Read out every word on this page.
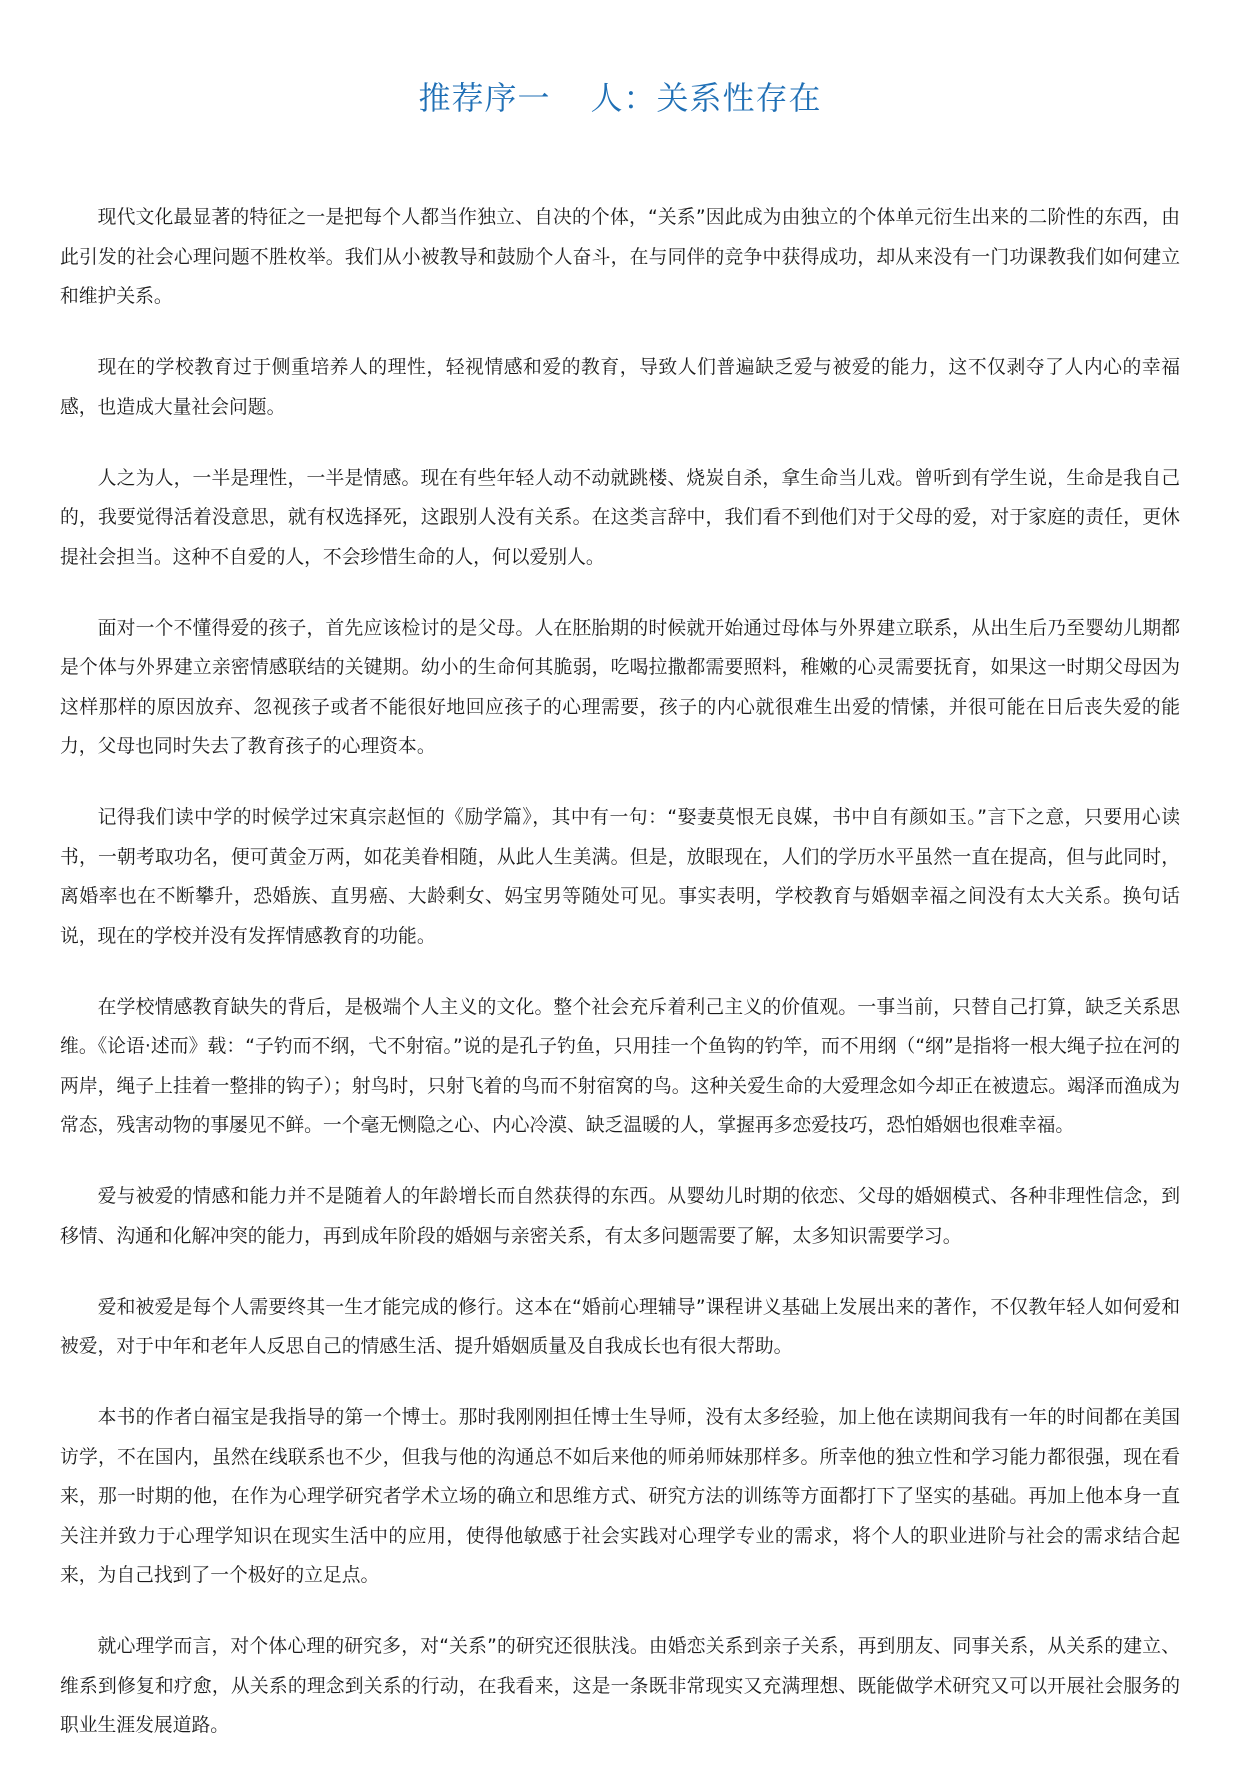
推荐序一 人：关系性存在

现代文化最显著的特征之一是把每个人都当作独立、自决的个体，“关系”因此成为由独立的个体单元衍生出来的二阶性的东西，由此引发的社会心理问题不胜枚举。我们从小被教导和鼓励个人奋斗，在与同伴的竞争中获得成功，却从来没有一门功课教我们如何建立和维护关系。

现在的学校教育过于侧重培养人的理性，轻视情感和爱的教育，导致人们普遍缺乏爱与被爱的能力，这不仅剥夺了人内心的幸福感，也造成大量社会问题。

人之为人，一半是理性，一半是情感。现在有些年轻人动不动就跳楼、烧炭自杀，拿生命当儿戏。曾听到有学生说，生命是我自己的，我要觉得活着没意思，就有权选择死，这跟别人没有关系。在这类言辞中，我们看不到他们对于父母的爱，对于家庭的责任，更休提社会担当。这种不自爱的人，不会珍惜生命的人，何以爱别人。

面对一个不懂得爱的孩子，首先应该检讨的是父母。人在胚胎期的时候就开始通过母体与外界建立联系，从出生后乃至婴幼儿期都是个体与外界建立亲密情感联结的关键期。幼小的生命何其脆弱，吃喝拉撒都需要照料，稚嫩的心灵需要抚育，如果这一时期父母因为这样那样的原因放弃、忽视孩子或者不能很好地回应孩子的心理需要，孩子的内心就很难生出爱的情愫，并很可能在日后丧失爱的能力，父母也同时失去了教育孩子的心理资本。

记得我们读中学的时候学过宋真宗赵恒的《励学篇》，其中有一句：“娶妻莫恨无良媒，书中自有颜如玉。”言下之意，只要用心读书，一朝考取功名，便可黄金万两，如花美眷相随，从此人生美满。但是，放眼现在，人们的学历水平虽然一直在提高，但与此同时，离婚率也在不断攀升，恐婚族、直男癌、大龄剩女、妈宝男等随处可见。事实表明，学校教育与婚姻幸福之间没有太大关系。换句话说，现在的学校并没有发挥情感教育的功能。

在学校情感教育缺失的背后，是极端个人主义的文化。整个社会充斥着利己主义的价值观。一事当前，只替自己打算，缺乏关系思维。《论语·述而》载：“子钓而不纲，弋不射宿。”说的是孔子钓鱼，只用挂一个鱼钩的钓竿，而不用纲（“纲”是指将一根大绳子拉在河的两岸，绳子上挂着一整排的钩子）；射鸟时，只射飞着的鸟而不射宿窝的鸟。这种关爱生命的大爱理念如今却正在被遗忘。竭泽而渔成为常态，残害动物的事屡见不鲜。一个毫无恻隐之心、内心冷漠、缺乏温暖的人，掌握再多恋爱技巧，恐怕婚姻也很难幸福。

爱与被爱的情感和能力并不是随着人的年龄增长而自然获得的东西。从婴幼儿时期的依恋、父母的婚姻模式、各种非理性信念，到移情、沟通和化解冲突的能力，再到成年阶段的婚姻与亲密关系，有太多问题需要了解，太多知识需要学习。

爱和被爱是每个人需要终其一生才能完成的修行。这本在“婚前心理辅导”课程讲义基础上发展出来的著作，不仅教年轻人如何爱和被爱，对于中年和老年人反思自己的情感生活、提升婚姻质量及自我成长也有很大帮助。

本书的作者白福宝是我指导的第一个博士。那时我刚刚担任博士生导师，没有太多经验，加上他在读期间我有一年的时间都在美国访学，不在国内，虽然在线联系也不少，但我与他的沟通总不如后来他的师弟师妹那样多。所幸他的独立性和学习能力都很强，现在看来，那一时期的他，在作为心理学研究者学术立场的确立和思维方式、研究方法的训练等方面都打下了坚实的基础。再加上他本身一直关注并致力于心理学知识在现实生活中的应用，使得他敏感于社会实践对心理学专业的需求，将个人的职业进阶与社会的需求结合起来，为自己找到了一个极好的立足点。

就心理学而言，对个体心理的研究多，对“关系”的研究还很肤浅。由婚恋关系到亲子关系，再到朋友、同事关系，从关系的建立、维系到修复和疗愈，从关系的理念到关系的行动，在我看来，这是一条既非常现实又充满理想、既能做学术研究又可以开展社会服务的职业生涯发展道路。
